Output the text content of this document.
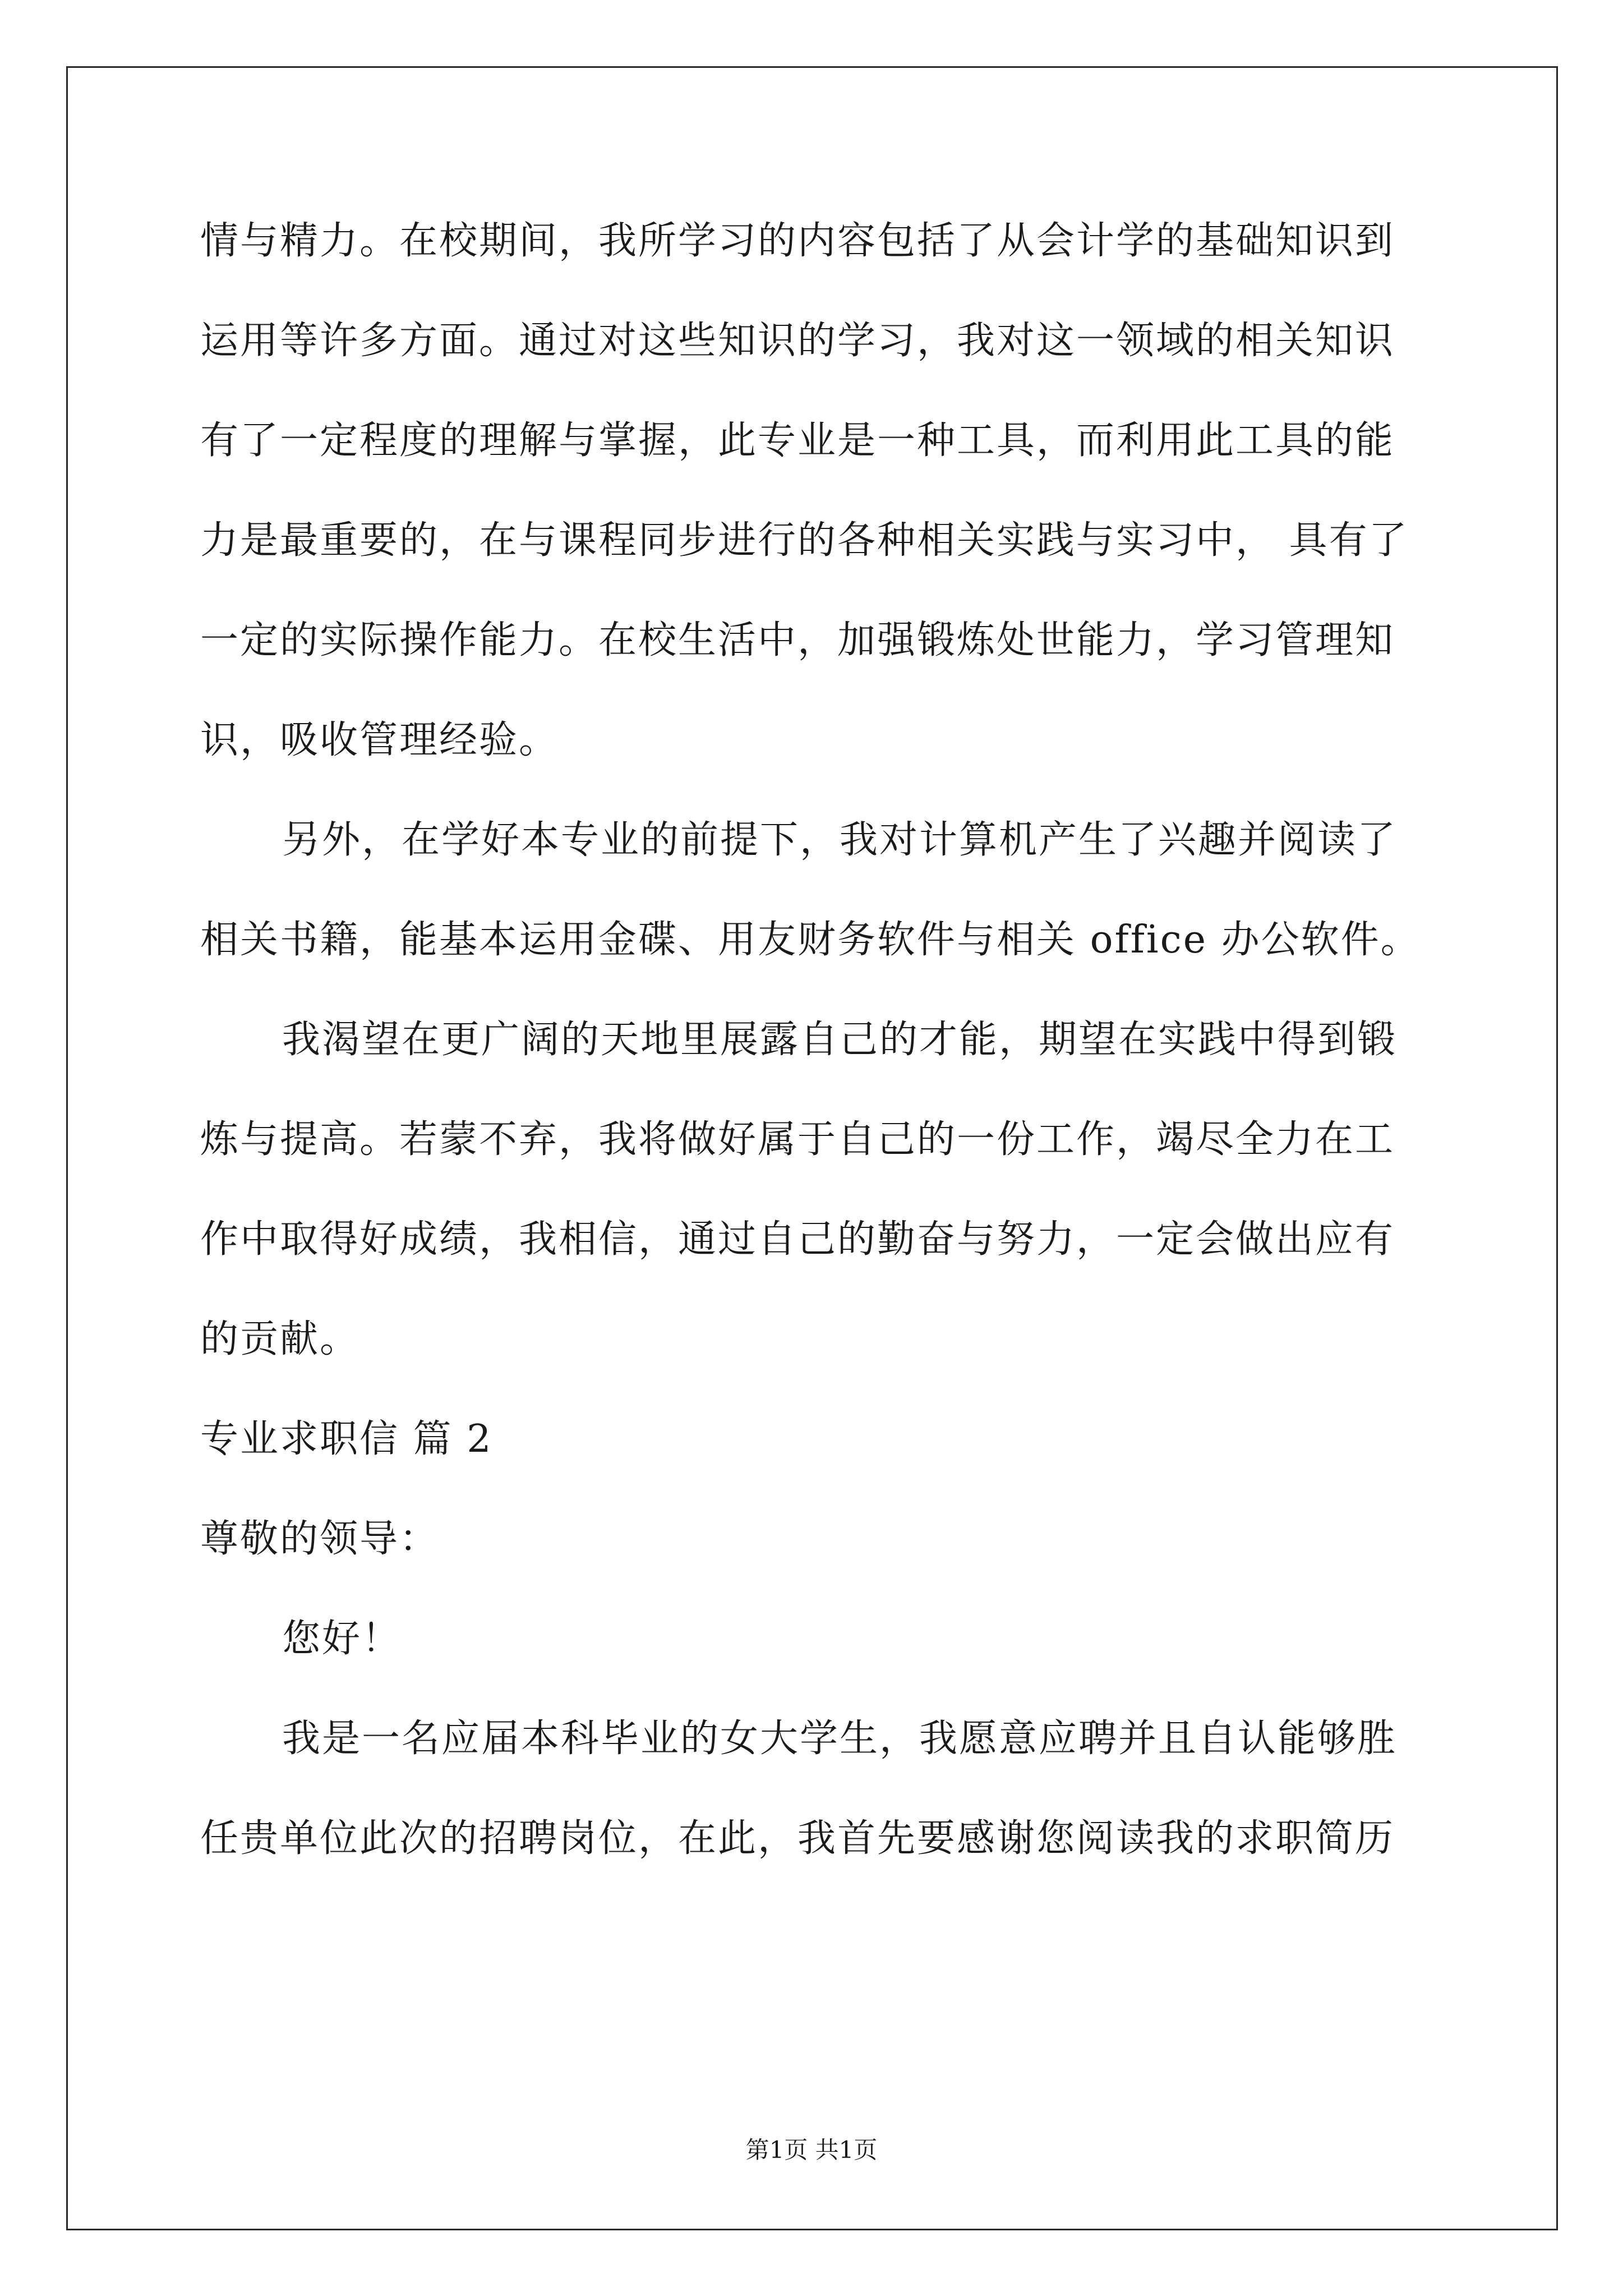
情与精力。在校期间，我所学习的内容包括了从会计学的基础知识到
运用等许多方面。通过对这些知识的学习，我对这一领域的相关知识
有了一定程度的理解与掌握，此专业是一种工具，而利用此工具的能
力是最重要的，在与课程同步进行的各种相关实践与实习中， 具有了
一定的实际操作能力。在校生活中，加强锻炼处世能力，学习管理知
识，吸收管理经验。
另外，在学好本专业的前提下，我对计算机产生了兴趣并阅读了
相关书籍，能基本运用金碟、用友财务软件与相关 office 办公软件。
我渴望在更广阔的天地里展露自己的才能，期望在实践中得到锻
炼与提高。若蒙不弃，我将做好属于自己的一份工作，竭尽全力在工
作中取得好成绩，我相信，通过自己的勤奋与努力，一定会做出应有
的贡献。
专业求职信 篇 2
尊敬的领导：
您好！
我是一名应届本科毕业的女大学生，我愿意应聘并且自认能够胜
任贵单位此次的招聘岗位，在此，我首先要感谢您阅读我的求职简历
第1页 共1页
